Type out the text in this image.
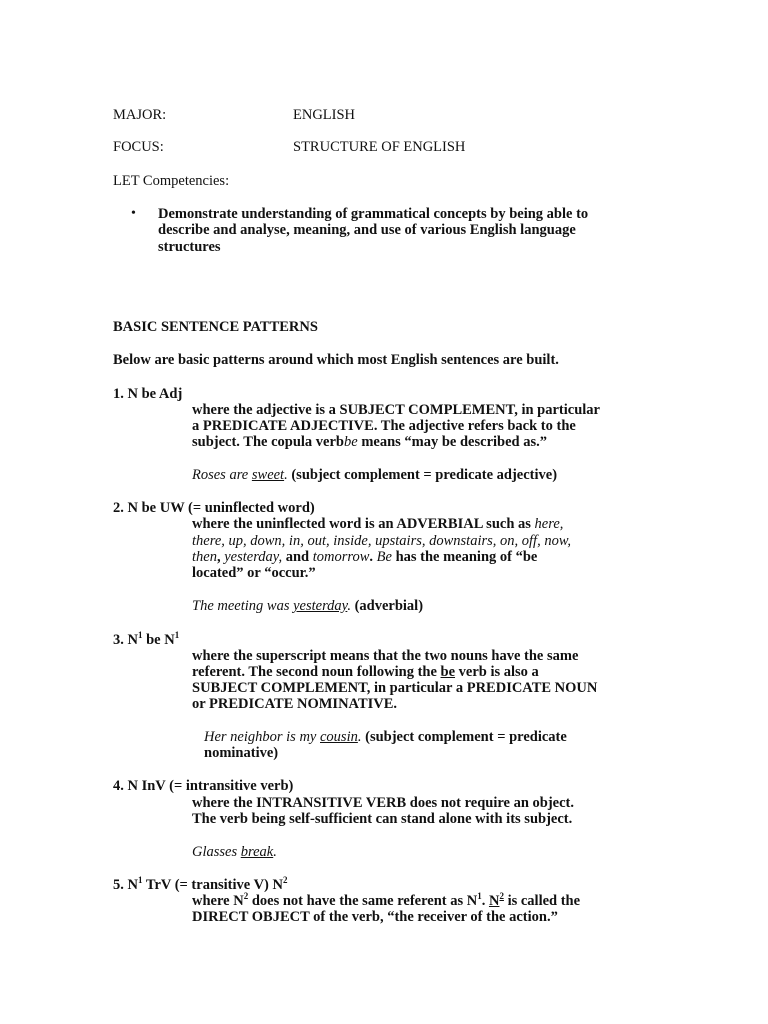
MAJOR:	ENGLISH
FOCUS:	STRUCTURE OF ENGLISH
LET Competencies:
• Demonstrate understanding of grammatical concepts by being able to
describe and analyse, meaning, and use of various English language
structures
BASIC SENTENCE PATTERNS
Below are basic patterns around which most English sentences are built.
1. N be Adj
where the adjective is a SUBJECT COMPLEMENT, in particular
a PREDICATE ADJECTIVE. The adjective refers back to the
subject. The copula verbbe means “may be described as.”
Roses are sweet. (subject complement = predicate adjective)
2. N be UW (= uninflected word)
where the uninflected word is an ADVERBIAL such as here,
there, up, down, in, out, inside, upstairs, downstairs, on, off, now,
then, yesterday, and tomorrow. Be has the meaning of “be
located” or “occur.”
The meeting was yesterday. (adverbial)
3. $N^1$ be $N^1$
where the superscript means that the two nouns have the same
referent. The second noun following the be verb is also a
SUBJECT COMPLEMENT, in particular a PREDICATE NOUN
or PREDICATE NOMINATIVE.
Her neighbor is my cousin. (subject complement = predicate
nominative)
4. N InV (= intransitive verb)
where the INTRANSITIVE VERB does not require an object.
The verb being self-sufficient can stand alone with its subject.
Glasses break.
5. $N^1$ TrV (= transitive V) $N^2$
where $N^2$ does not have the same referent as $N^1$. $N^2$ is called the
DIRECT OBJECT of the verb, “the receiver of the action.”
